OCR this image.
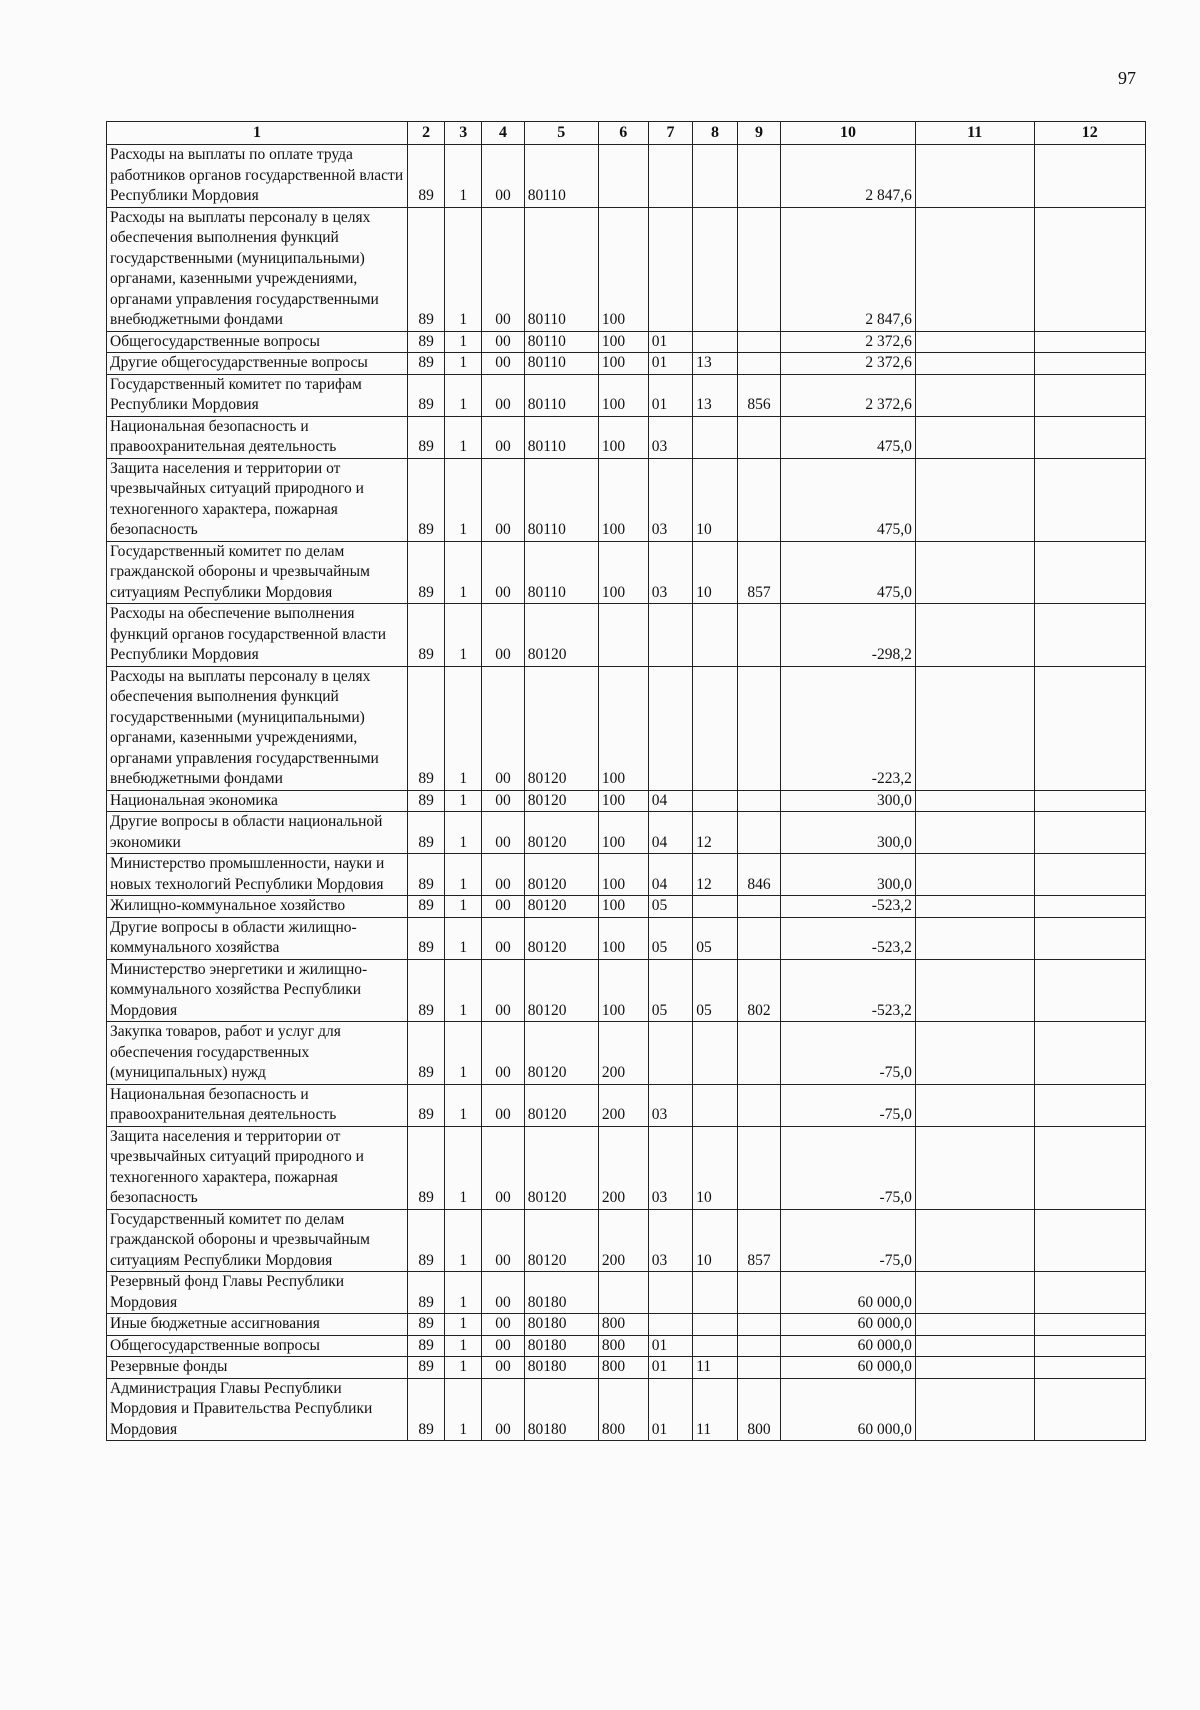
97
1	2	3	4	5	6	7	8	9	10	11	12
Расходы на выплаты по оплате труда работников органов государственной власти Республики Мордовия	89	1	00	80110					2 847,6		
Расходы на выплаты персоналу в целях обеспечения выполнения функций государственными (муниципальными) органами, казенными учреждениями, органами управления государственными внебюджетными фондами	89	1	00	80110	100				2 847,6		
Общегосударственные вопросы	89	1	00	80110	100	01			2 372,6		
Другие общегосударственные вопросы	89	1	00	80110	100	01	13		2 372,6		
Государственный комитет по тарифам Республики Мордовия	89	1	00	80110	100	01	13	856	2 372,6		
Национальная безопасность и правоохранительная деятельность	89	1	00	80110	100	03			475,0		
Защита населения и территории от чрезвычайных ситуаций природного и техногенного характера, пожарная безопасность	89	1	00	80110	100	03	10		475,0		
Государственный комитет по делам гражданской обороны и чрезвычайным ситуациям Республики Мордовия	89	1	00	80110	100	03	10	857	475,0		
Расходы на обеспечение выполнения функций органов государственной власти Республики Мордовия	89	1	00	80120					-298,2		
Расходы на выплаты персоналу в целях обеспечения выполнения функций государственными (муниципальными) органами, казенными учреждениями, органами управления государственными внебюджетными фондами	89	1	00	80120	100				-223,2		
Национальная экономика	89	1	00	80120	100	04			300,0		
Другие вопросы в области национальной экономики	89	1	00	80120	100	04	12		300,0		
Министерство промышленности, науки и новых технологий Республики Мордовия	89	1	00	80120	100	04	12	846	300,0		
Жилищно-коммунальное хозяйство	89	1	00	80120	100	05			-523,2		
Другие вопросы в области жилищно-коммунального хозяйства	89	1	00	80120	100	05	05		-523,2		
Министерство энергетики и жилищно-коммунального хозяйства Республики Мордовия	89	1	00	80120	100	05	05	802	-523,2		
Закупка товаров, работ и услуг для обеспечения государственных (муниципальных) нужд	89	1	00	80120	200				-75,0		
Национальная безопасность и правоохранительная деятельность	89	1	00	80120	200	03			-75,0		
Защита населения и территории от чрезвычайных ситуаций природного и техногенного характера, пожарная безопасность	89	1	00	80120	200	03	10		-75,0		
Государственный комитет по делам гражданской обороны и чрезвычайным ситуациям Республики Мордовия	89	1	00	80120	200	03	10	857	-75,0		
Резервный фонд Главы Республики Мордовия	89	1	00	80180					60 000,0		
Иные бюджетные ассигнования	89	1	00	80180	800				60 000,0		
Общегосударственные вопросы	89	1	00	80180	800	01			60 000,0		
Резервные фонды	89	1	00	80180	800	01	11		60 000,0		
Администрация Главы Республики Мордовия и Правительства Республики Мордовия	89	1	00	80180	800	01	11	800	60 000,0		
